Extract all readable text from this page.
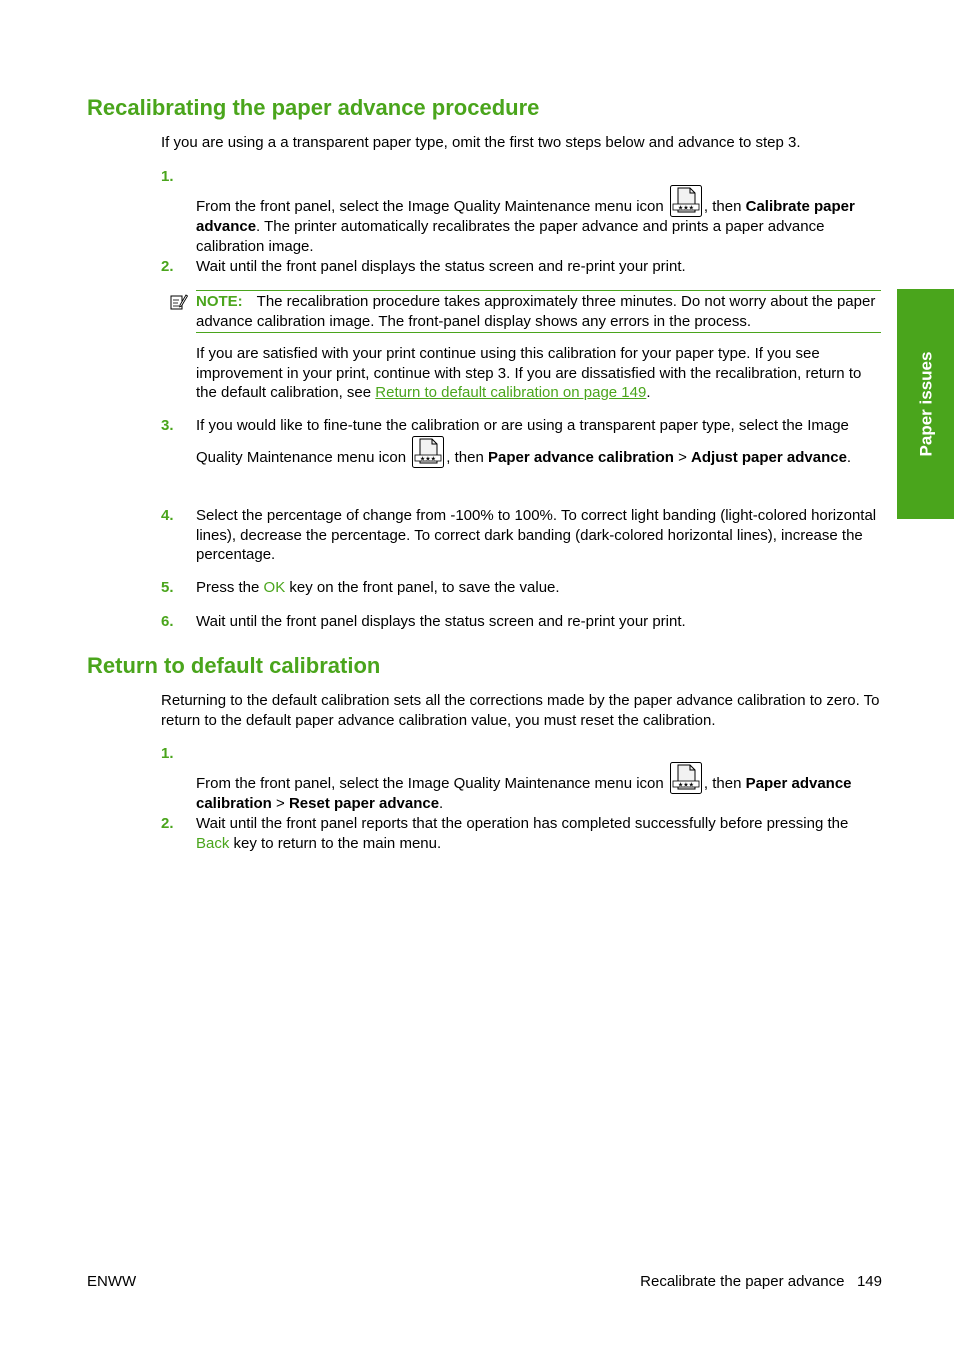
Recalibrating the paper advance procedure

If you are using a a transparent paper type, omit the first two steps below and advance to step 3.

1.
From the front panel, select the Image Quality Maintenance menu icon , then Calibrate paper advance. The printer automatically recalibrates the paper advance and prints a paper advance calibration image.
2. Wait until the front panel displays the status screen and re-print your print.
NOTE: The recalibration procedure takes approximately three minutes. Do not worry about the paper advance calibration image. The front-panel display shows any errors in the process.

If you are satisfied with your print continue using this calibration for your paper type. If you see improvement in your print, continue with step 3. If you are dissatisfied with the recalibration, return to the default calibration, see Return to default calibration on page 149.

3. If you would like to fine-tune the calibration or are using a transparent paper type, select the Image Quality Maintenance menu icon , then Paper advance calibration > Adjust paper advance.
4. Select the percentage of change from -100% to 100%. To correct light banding (light-colored horizontal lines), decrease the percentage. To correct dark banding (dark-colored horizontal lines), increase the percentage.
5. Press the OK key on the front panel, to save the value.
6. Wait until the front panel displays the status screen and re-print your print.
Return to default calibration

Returning to the default calibration sets all the corrections made by the paper advance calibration to zero. To return to the default paper advance calibration value, you must reset the calibration.

1.
From the front panel, select the Image Quality Maintenance menu icon , then Paper advance calibration > Reset paper advance.
2. Wait until the front panel reports that the operation has completed successfully before pressing the Back key to return to the main menu.
Paper issues
ENWW	Recalibrate the paper advance 149
